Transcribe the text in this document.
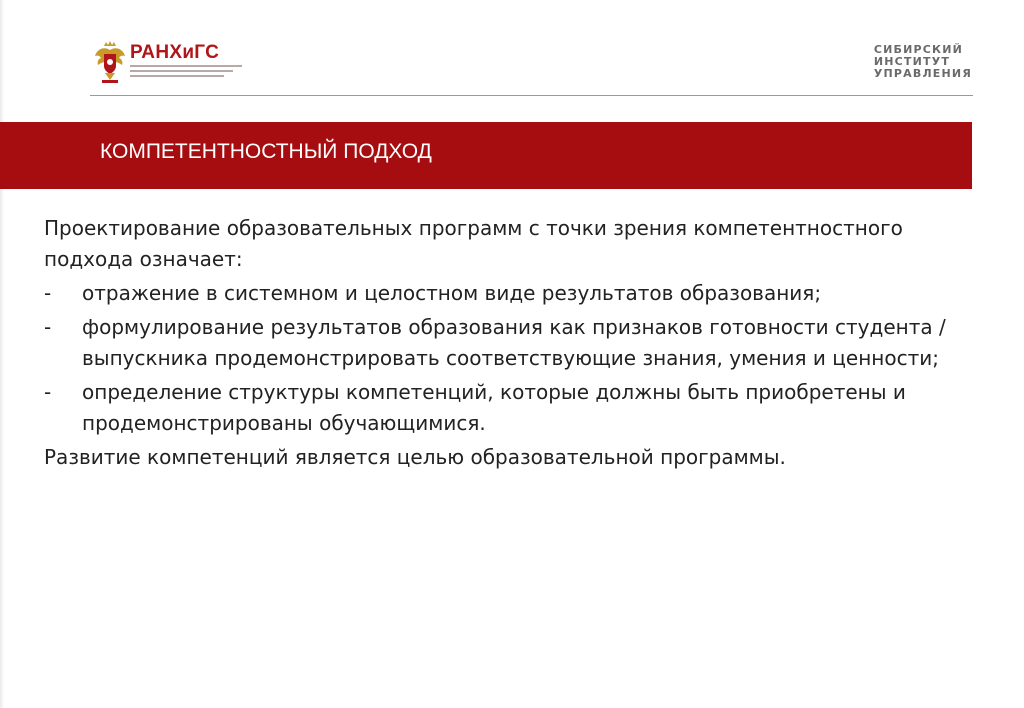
РАНХиГС	СИБИРСКИЙ
ИНСТИТУТ
УПРАВЛЕНИЯ
КОМПЕТЕНТНОСТНЫЙ ПОДХОД

Проектирование образовательных программ с точки зрения компетентностного подхода означает:

- отражение в системном и целостном виде результатов образования;
- формулирование результатов образования как признаков готовности студента / выпускника продемонстрировать соответствующие знания, умения и ценности;
- определение структуры компетенций, которые должны быть приобретены и продемонстрированы обучающимися.

Развитие компетенций является целью образовательной программы.
